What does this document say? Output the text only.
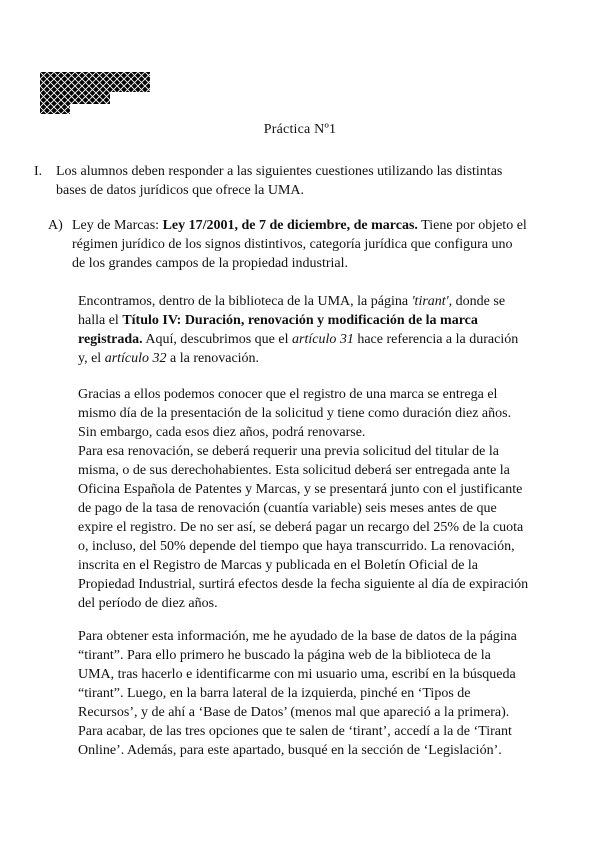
Práctica Nº1
I. Los alumnos deben responder a las siguientes cuestiones utilizando las distintas bases de datos jurídicos que ofrece la UMA.
A) Ley de Marcas: Ley 17/2001, de 7 de diciembre, de marcas. Tiene por objeto el régimen jurídico de los signos distintivos, categoría jurídica que configura uno de los grandes campos de la propiedad industrial.

Encontramos, dentro de la biblioteca de la UMA, la página 'tirant', donde se halla el Título IV: Duración, renovación y modificación de la marca registrada. Aquí, descubrimos que el artículo 31 hace referencia a la duración y, el artículo 32 a la renovación.

Gracias a ellos podemos conocer que el registro de una marca se entrega el mismo día de la presentación de la solicitud y tiene como duración diez años. Sin embargo, cada esos diez años, podrá renovarse.

Para esa renovación, se deberá requerir una previa solicitud del titular de la misma, o de sus derechohabientes. Esta solicitud deberá ser entregada ante la Oficina Española de Patentes y Marcas, y se presentará junto con el justificante de pago de la tasa de renovación (cuantía variable) seis meses antes de que expire el registro. De no ser así, se deberá pagar un recargo del 25% de la cuota o, incluso, del 50% depende del tiempo que haya transcurrido. La renovación, inscrita en el Registro de Marcas y publicada en el Boletín Oficial de la Propiedad Industrial, surtirá efectos desde la fecha siguiente al día de expiración del período de diez años.

Para obtener esta información, me he ayudado de la base de datos de la página “tirant”. Para ello primero he buscado la página web de la biblioteca de la UMA, tras hacerlo e identificarme con mi usuario uma, escribí en la búsqueda “tirant”. Luego, en la barra lateral de la izquierda, pinché en ‘Tipos de Recursos’, y de ahí a ‘Base de Datos’ (menos mal que apareció a la primera). Para acabar, de las tres opciones que te salen de ‘tirant’, accedí a la de ‘Tirant Online’. Además, para este apartado, busqué en la sección de ‘Legislación’.
